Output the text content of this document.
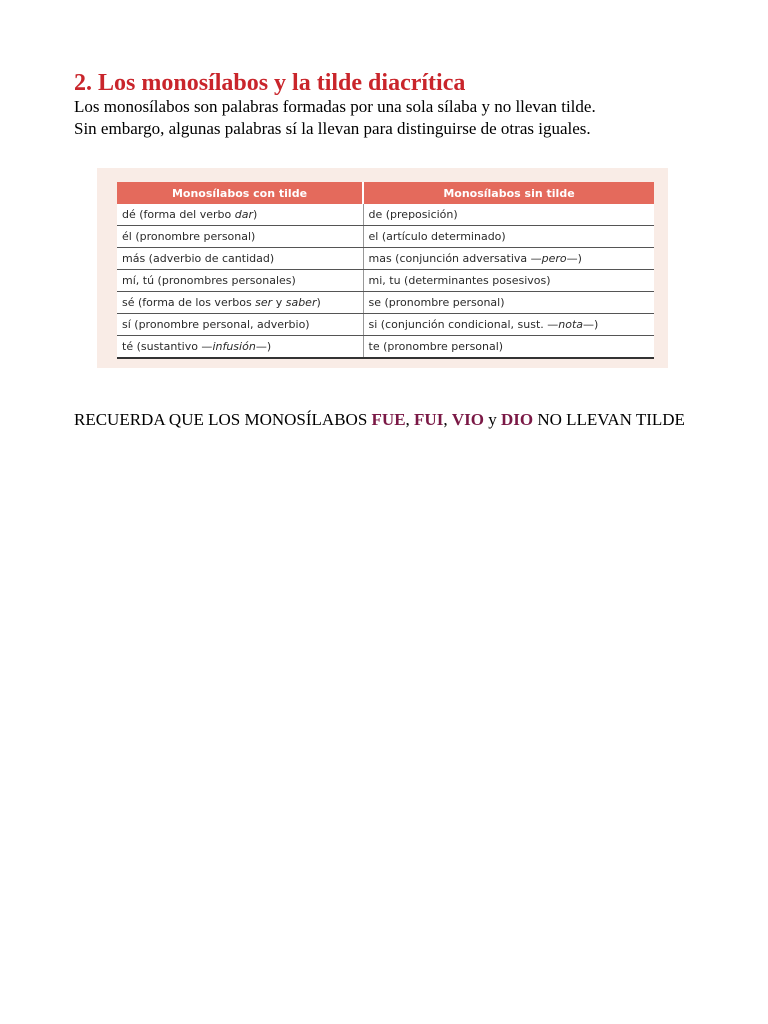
2. Los monosílabos y la tilde diacrítica

Los monosílabos son palabras formadas por una sola sílaba y no llevan tilde.
Sin embargo, algunas palabras sí la llevan para distinguirse de otras iguales.

Monosílabos con tilde	Monosílabos sin tilde
dé (forma del verbo dar)	de (preposición)
él (pronombre personal)	el (artículo determinado)
más (adverbio de cantidad)	mas (conjunción adversativa —pero—)
mí, tú (pronombres personales)	mi, tu (determinantes posesivos)
sé (forma de los verbos ser y saber)	se (pronombre personal)
sí (pronombre personal, adverbio)	si (conjunción condicional, sust. —nota—)
té (sustantivo —infusión—)	te (pronombre personal)

RECUERDA QUE LOS MONOSÍLABOS FUE, FUI, VIO y DIO NO LLEVAN TILDE
